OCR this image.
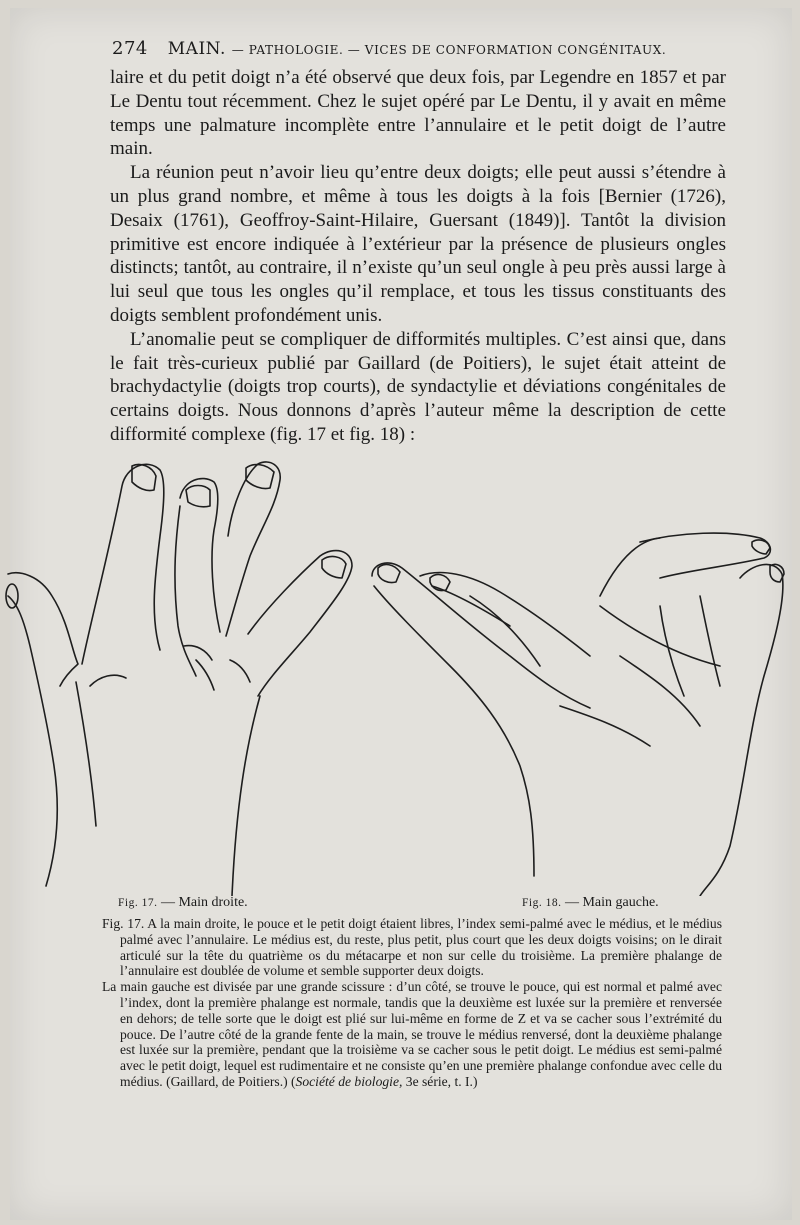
274 MAIN. — PATHOLOGIE. — VICES DE CONFORMATION CONGÉNITAUX.

laire et du petit doigt n’a été observé que deux fois, par Legendre en 1857 et par Le Dentu tout récemment. Chez le sujet opéré par Le Dentu, il y avait en même temps une palmature incomplète entre l’annulaire et le petit doigt de l’autre main.

La réunion peut n’avoir lieu qu’entre deux doigts; elle peut aussi s’étendre à un plus grand nombre, et même à tous les doigts à la fois [Bernier (1726), Desaix (1761), Geoffroy-Saint-Hilaire, Guersant (1849)]. Tantôt la division primitive est encore indiquée à l’extérieur par la présence de plusieurs ongles distincts; tantôt, au contraire, il n’existe qu’un seul ongle à peu près aussi large à lui seul que tous les ongles qu’il remplace, et tous les tissus constituants des doigts semblent profondément unis.

L’anomalie peut se compliquer de difformités multiples. C’est ainsi que, dans le fait très-curieux publié par Gaillard (de Poitiers), le sujet était atteint de brachydactylie (doigts trop courts), de syndactylie et déviations congénitales de certains doigts. Nous donnons d’après l’auteur même la description de cette difformité complexe (fig. 17 et fig. 18) :

Fig. 17. — Main droite.	Fig. 18. — Main gauche.

Fig. 17. A la main droite, le pouce et le petit doigt étaient libres, l’index semi-palmé avec le médius, et le médius palmé avec l’annulaire. Le médius est, du reste, plus petit, plus court que les deux doigts voisins; on le dirait articulé sur la tête du quatrième os du métacarpe et non sur celle du troisième. La première phalange de l’annulaire est doublée de volume et semble supporter deux doigts.

La main gauche est divisée par une grande scissure : d’un côté, se trouve le pouce, qui est normal et palmé avec l’index, dont la première phalange est normale, tandis que la deuxième est luxée sur la première et renversée en dehors; de telle sorte que le doigt est plié sur lui-même en forme de Z et va se cacher sous l’extrémité du pouce. De l’autre côté de la grande fente de la main, se trouve le médius renversé, dont la deuxième phalange est luxée sur la première, pendant que la troisième va se cacher sous le petit doigt. Le médius est semi-palmé avec le petit doigt, lequel est rudimentaire et ne consiste qu’en une première phalange confondue avec celle du médius. (Gaillard, de Poitiers.) (Société de biologie, 3e série, t. I.)
